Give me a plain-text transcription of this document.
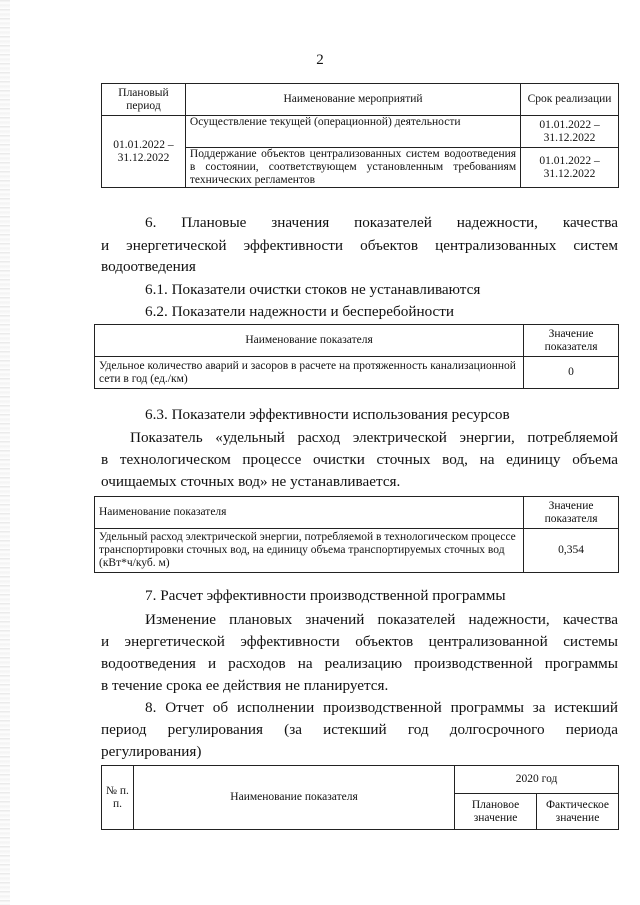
2
Плановый период	Наименование мероприятий	Срок реализации
01.01.2022 – 31.12.2022	Осуществление текущей (операционной) деятельности	01.01.2022 – 31.12.2022
	Поддержание объектов централизованных систем водоотведения в состоянии, соответствующем установленным требованиям технических регламентов	01.01.2022 – 31.12.2022
6. Плановые значения показателей надежности, качества
и энергетической эффективности объектов централизованных систем
водоотведения
6.1. Показатели очистки стоков не устанавливаются
6.2. Показатели надежности и бесперебойности
Наименование показателя	Значение показателя
Удельное количество аварий и засоров в расчете на протяженность канализационной сети в год (ед./км)	0
6.3. Показатели эффективности использования ресурсов
Показатель «удельный расход электрической энергии, потребляемой
в технологическом процессе очистки сточных вод, на единицу объема
очищаемых сточных вод» не устанавливается.
Наименование показателя	Значение показателя
Удельный расход электрической энергии, потребляемой в технологическом процессе транспортировки сточных вод, на единицу объема транспортируемых сточных вод (кВт*ч/куб. м)	0,354
7. Расчет эффективности производственной программы
Изменение плановых значений показателей надежности, качества
и энергетической эффективности объектов централизованной системы
водоотведения и расходов на реализацию производственной программы
в течение срока ее действия не планируется.
8. Отчет об исполнении производственной программы за истекший
период регулирования (за истекший год долгосрочного периода
регулирования)
№ п. п.	Наименование показателя	2020 год	
		Плановое значение	Фактическое значение
